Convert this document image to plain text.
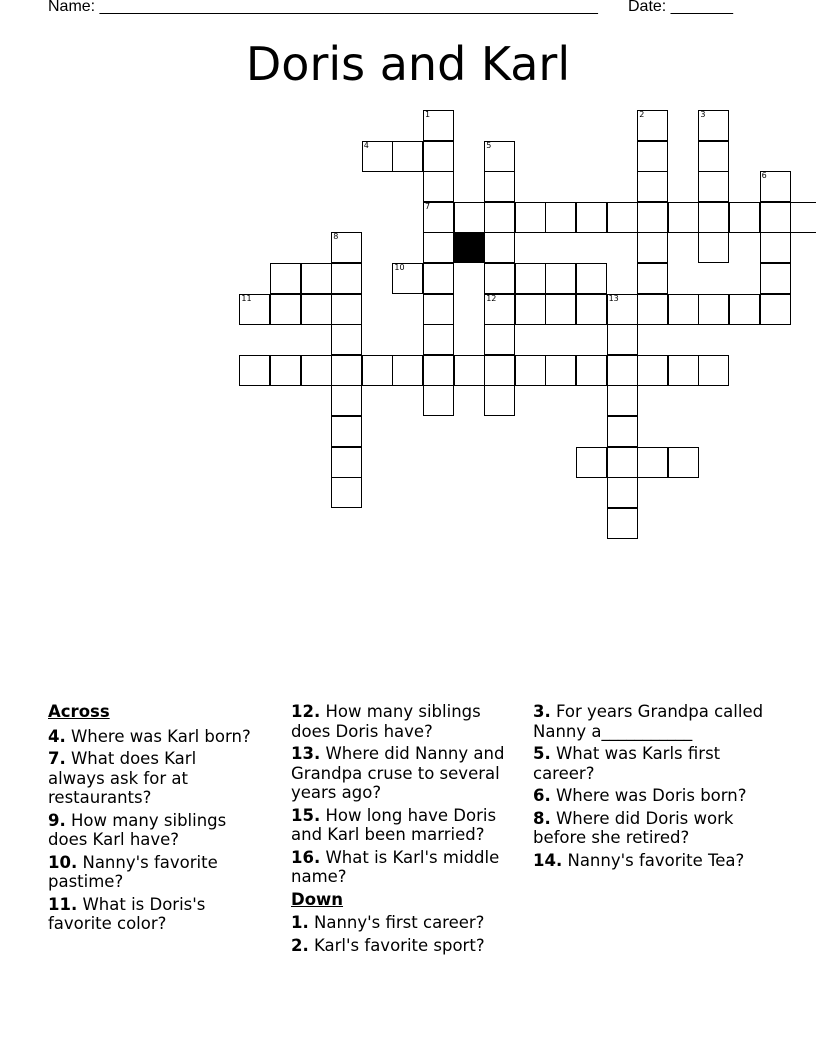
Name: ________________________________________________________ Date: _______
Doris and Karl
7
4
1	2	3
5
12
6
8
10
11	13
Across
4. Where was Karl born?
7. What does Karl always ask for at restaurants?
9. How many siblings does Karl have?
10. Nanny's favorite pastime?
11. What is Doris's favorite color?
12. How many siblings does Doris have?
13. Where did Nanny and Grandpa cruse to several years ago?
15. How long have Doris and Karl been married?
16. What is Karl's middle name?
Down
1. Nanny's first career?
2. Karl's favorite sport?
3. For years Grandpa called Nanny a___________
5. What was Karls first career?
6. Where was Doris born?
8. Where did Doris work before she retired?
14. Nanny's favorite Tea?
